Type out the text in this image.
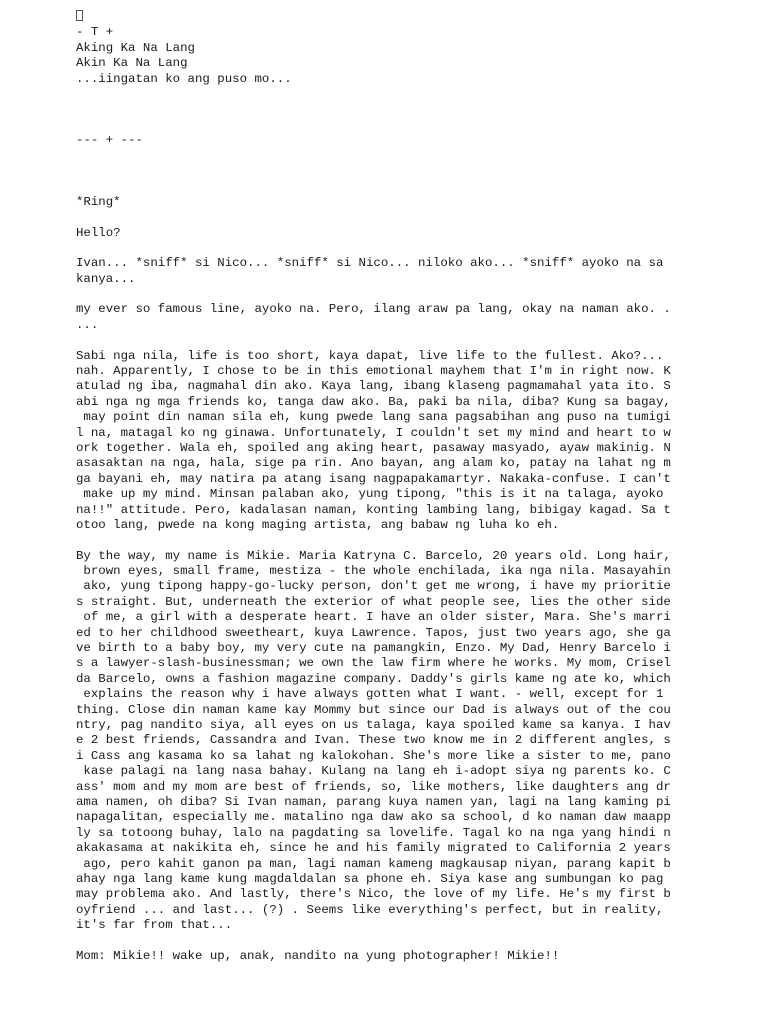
- T +
Aking Ka Na Lang
Akin Ka Na Lang
...iingatan ko ang puso mo...
--- + ---
*Ring*
Hello?
Ivan... *sniff* si Nico... *sniff* si Nico... niloko ako... *sniff* ayoko na sa
kanya...
my ever so famous line, ayoko na. Pero, ilang araw pa lang, okay na naman ako. .
...
Sabi nga nila, life is too short, kaya dapat, live life to the fullest. Ako?...
nah. Apparently, I chose to be in this emotional mayhem that I'm in right now. K
atulad ng iba, nagmahal din ako. Kaya lang, ibang klaseng pagmamahal yata ito. S
abi nga ng mga friends ko, tanga daw ako. Ba, paki ba nila, diba? Kung sa bagay,
may point din naman sila eh, kung pwede lang sana pagsabihan ang puso na tumigi
l na, matagal ko ng ginawa. Unfortunately, I couldn't set my mind and heart to w
ork together. Wala eh, spoiled ang aking heart, pasaway masyado, ayaw makinig. N
asasaktan na nga, hala, sige pa rin. Ano bayan, ang alam ko, patay na lahat ng m
ga bayani eh, may natira pa atang isang nagpapakamartyr. Nakaka-confuse. I can't
make up my mind. Minsan palaban ako, yung tipong, "this is it na talaga, ayoko
na!!" attitude. Pero, kadalasan naman, konting lambing lang, bibigay kagad. Sa t
otoo lang, pwede na kong maging artista, ang babaw ng luha ko eh.
By the way, my name is Mikie. Maria Katryna C. Barcelo, 20 years old. Long hair,
brown eyes, small frame, mestiza - the whole enchilada, ika nga nila. Masayahin
ako, yung tipong happy-go-lucky person, don't get me wrong, i have my prioritie
s straight. But, underneath the exterior of what people see, lies the other side
of me, a girl with a desperate heart. I have an older sister, Mara. She's marri
ed to her childhood sweetheart, kuya Lawrence. Tapos, just two years ago, she ga
ve birth to a baby boy, my very cute na pamangkin, Enzo. My Dad, Henry Barcelo i
s a lawyer-slash-businessman; we own the law firm where he works. My mom, Crisel
da Barcelo, owns a fashion magazine company. Daddy's girls kame ng ate ko, which
explains the reason why i have always gotten what I want. - well, except for 1
thing. Close din naman kame kay Mommy but since our Dad is always out of the cou
ntry, pag nandito siya, all eyes on us talaga, kaya spoiled kame sa kanya. I hav
e 2 best friends, Cassandra and Ivan. These two know me in 2 different angles, s
i Cass ang kasama ko sa lahat ng kalokohan. She's more like a sister to me, pano
kase palagi na lang nasa bahay. Kulang na lang eh i-adopt siya ng parents ko. C
ass' mom and my mom are best of friends, so, like mothers, like daughters ang dr
ama namen, oh diba? Si Ivan naman, parang kuya namen yan, lagi na lang kaming pi
napagalitan, especially me. matalino nga daw ako sa school, d ko naman daw maapp
ly sa totoong buhay, lalo na pagdating sa lovelife. Tagal ko na nga yang hindi n
akakasama at nakikita eh, since he and his family migrated to California 2 years
ago, pero kahit ganon pa man, lagi naman kameng magkausap niyan, parang kapit b
ahay nga lang kame kung magdaldalan sa phone eh. Siya kase ang sumbungan ko pag
may problema ako. And lastly, there's Nico, the love of my life. He's my first b
oyfriend ... and last... (?) . Seems like everything's perfect, but in reality,
it's far from that...
Mom: Mikie!! wake up, anak, nandito na yung photographer! Mikie!!
